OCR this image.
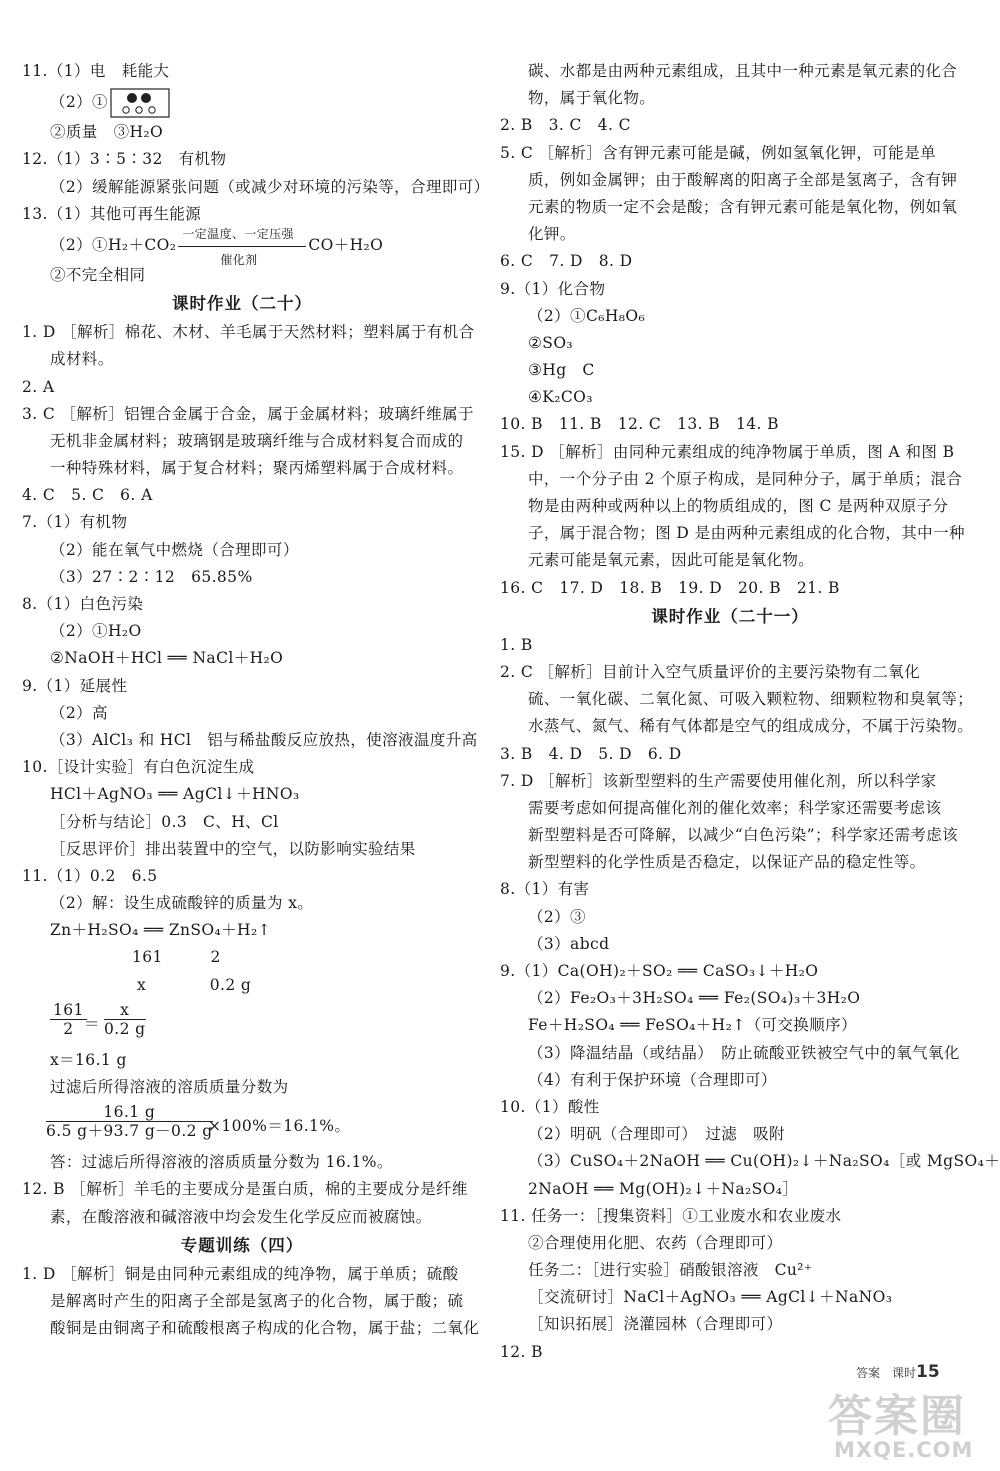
11.（1）电　耗能大
（2）①
②质量　③H₂O
12.（1）3∶5∶32　有机物
（2）缓解能源紧张问题（或减少对环境的污染等，合理即可）
13.（1）其他可再生能源
（2）①H₂＋CO₂
一定温度、一定压强
催化剂
CO＋H₂O
②不完全相同
课时作业（二十）
1. D ［解析］棉花、木材、羊毛属于天然材料；塑料属于有机合
成材料。
2. A
3. C ［解析］铝锂合金属于合金，属于金属材料；玻璃纤维属于
无机非金属材料；玻璃钢是玻璃纤维与合成材料复合而成的
一种特殊材料，属于复合材料；聚丙烯塑料属于合成材料。
4. C　5. C　6. A
7.（1）有机物
（2）能在氧气中燃烧（合理即可）
（3）27∶2∶12　65.85%
8.（1）白色污染
（2）①H₂O
②NaOH＋HCl ══ NaCl＋H₂O
9.（1）延展性
（2）高
（3）AlCl₃ 和 HCl　铝与稀盐酸反应放热，使溶液温度升高
10.［设计实验］有白色沉淀生成
HCl＋AgNO₃ ══ AgCl↓＋HNO₃
［分析与结论］0.3　C、H、Cl
［反思评价］排出装置中的空气，以防影响实验结果
11.（1）0.2　6.5
（2）解：设生成硫酸锌的质量为 x。
Zn＋H₂SO₄ ══ ZnSO₄＋H₂↑
161　　　2
x　　　　0.2 g
$\frac{161}{2}$
＝ $\frac{x}{0.2 g}$
x＝16.1 g
过滤后所得溶液的溶质质量分数为
$\frac{16.1 g}{6.5 g+93.7 g-0.2 g}$
×100%＝16.1%。
答：过滤后所得溶液的溶质质量分数为 16.1%。
12. B ［解析］羊毛的主要成分是蛋白质，棉的主要成分是纤维
素，在酸溶液和碱溶液中均会发生化学反应而被腐蚀。
专题训练（四）
1. D ［解析］铜是由同种元素组成的纯净物，属于单质；硫酸
是解离时产生的阳离子全部是氢离子的化合物，属于酸；硫
酸铜是由铜离子和硫酸根离子构成的化合物，属于盐；二氧化
碳、水都是由两种元素组成，且其中一种元素是氧元素的化合
物，属于氧化物。
2. B　3. C　4. C
5. C ［解析］含有钾元素可能是碱，例如氢氧化钾，可能是单
质，例如金属钾；由于酸解离的阳离子全部是氢离子，含有钾
元素的物质一定不会是酸；含有钾元素可能是氧化物，例如氧
化钾。
6. C　7. D　8. D
9.（1）化合物
（2）①C₆H₈O₆
②SO₃
③Hg　C
④K₂CO₃
10. B　11. B　12. C　13. B　14. B
15. D ［解析］由同种元素组成的纯净物属于单质，图 A 和图 B
中，一个分子由 2 个原子构成，是同种分子，属于单质；混合
物是由两种或两种以上的物质组成的，图 C 是两种双原子分
子，属于混合物；图 D 是由两种元素组成的化合物，其中一种
元素可能是氧元素，因此可能是氧化物。
16. C　17. D　18. B　19. D　20. B　21. B
课时作业（二十一）
1. B
2. C ［解析］目前计入空气质量评价的主要污染物有二氧化
硫、一氧化碳、二氧化氮、可吸入颗粒物、细颗粒物和臭氧等；
水蒸气、氮气、稀有气体都是空气的组成成分，不属于污染物。
3. B　4. D　5. D　6. D
7. D ［解析］该新型塑料的生产需要使用催化剂，所以科学家
需要考虑如何提高催化剂的催化效率；科学家还需要考虑该
新型塑料是否可降解，以减少“白色污染”；科学家还需考虑该
新型塑料的化学性质是否稳定，以保证产品的稳定性等。
8.（1）有害
（2）③
（3）abcd
9.（1）Ca(OH)₂＋SO₂ ══ CaSO₃↓＋H₂O
（2）Fe₂O₃＋3H₂SO₄ ══ Fe₂(SO₄)₃＋3H₂O
Fe＋H₂SO₄ ══ FeSO₄＋H₂↑（可交换顺序）
（3）降温结晶（或结晶）　防止硫酸亚铁被空气中的氧气氧化
（4）有利于保护环境（合理即可）
10.（1）酸性
（2）明矾（合理即可）　过滤　吸附
（3）CuSO₄＋2NaOH ══ Cu(OH)₂↓＋Na₂SO₄［或 MgSO₄＋
2NaOH ══ Mg(OH)₂↓＋Na₂SO₄］
11. 任务一：［搜集资料］①工业废水和农业废水
②合理使用化肥、农药（合理即可）
任务二：［进行实验］硝酸银溶液　Cu²⁺
［交流研讨］NaCl＋AgNO₃ ══ AgCl↓＋NaNO₃
［知识拓展］浇灌园林（合理即可）
12. B
答案　课时15
答案圈
MXQE.COM
